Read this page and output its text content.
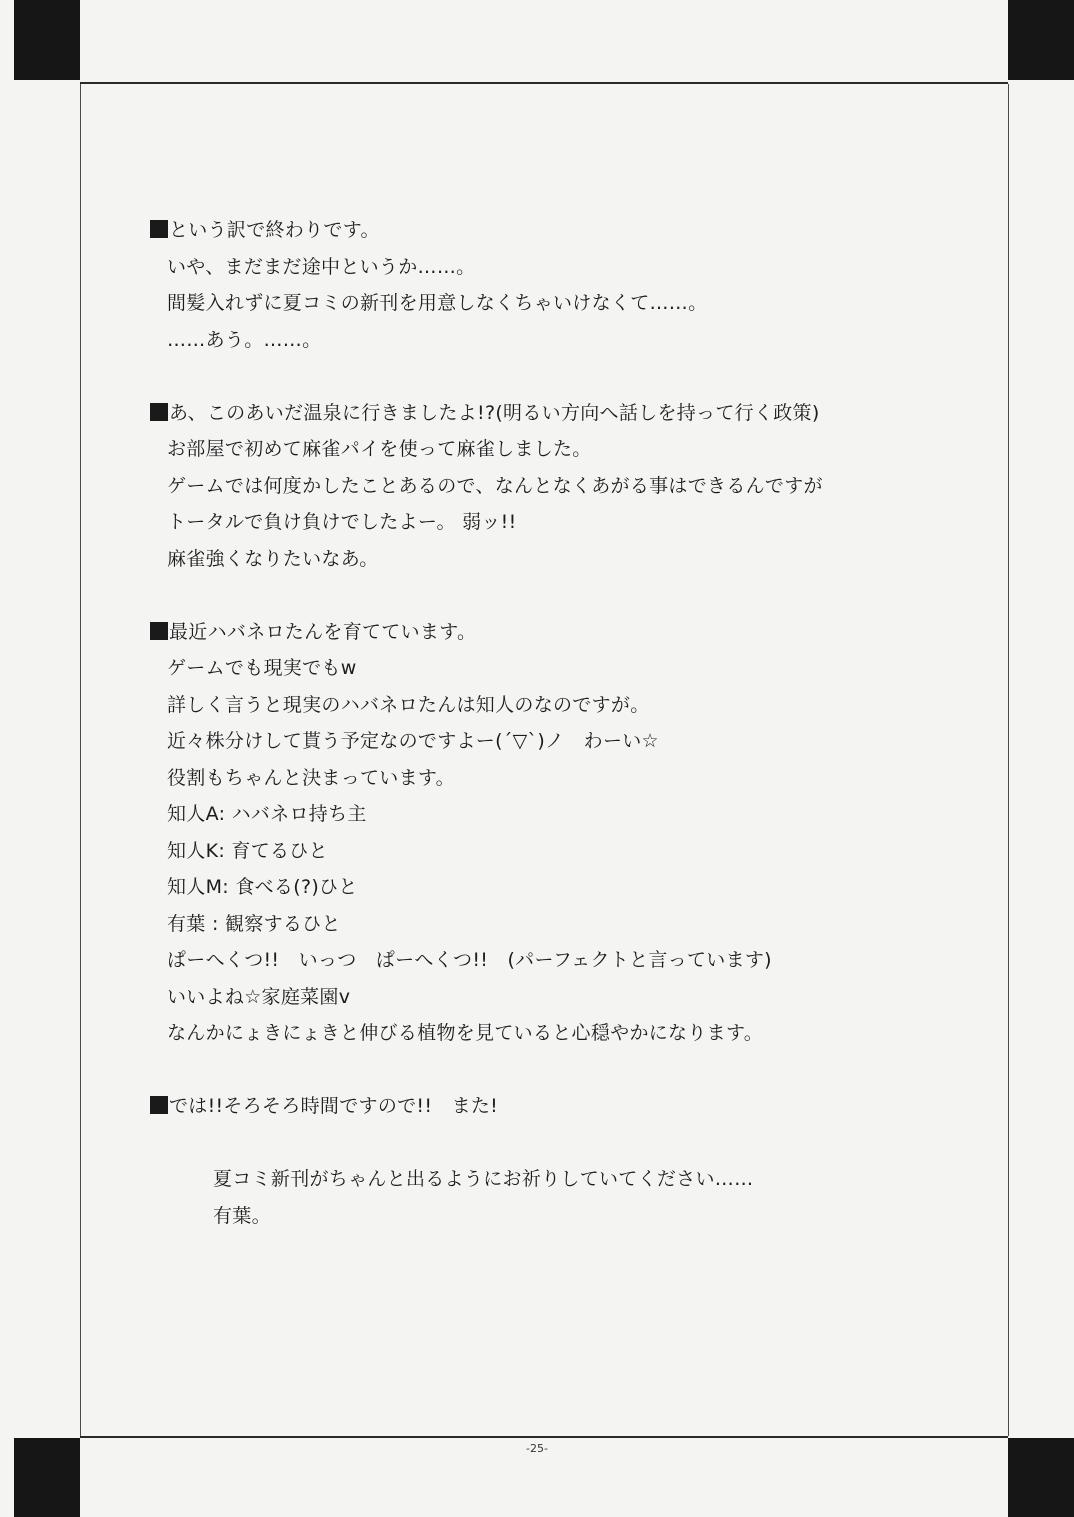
という訳で終わりです。
いや、まだまだ途中というか……。
間髪入れずに夏コミの新刊を用意しなくちゃいけなくて……。
……あう。……。
あ、このあいだ温泉に行きましたよ!?(明るい方向へ話しを持って行く政策)
お部屋で初めて麻雀パイを使って麻雀しました。
ゲームでは何度かしたことあるので、なんとなくあがる事はできるんですが
トータルで負け負けでしたよー。 弱ッ!!
麻雀強くなりたいなあ。
最近ハバネロたんを育てています。
ゲームでも現実でもw
詳しく言うと現実のハバネロたんは知人のなのですが。
近々株分けして貰う予定なのですよー(´▽`)ノ　わーい☆
役割もちゃんと決まっています。
知人A: ハバネロ持ち主
知人K: 育てるひと
知人M: 食べる(?)ひと
有葉 : 観察するひと
ぱーへくつ!!　いっつ　ぱーへくつ!!　(パーフェクトと言っています)
いいよね☆家庭菜園v
なんかにょきにょきと伸びる植物を見ていると心穏やかになります。
では!!そろそろ時間ですので!!　また!
夏コミ新刊がちゃんと出るようにお祈りしていてください……
有葉。
-25-
